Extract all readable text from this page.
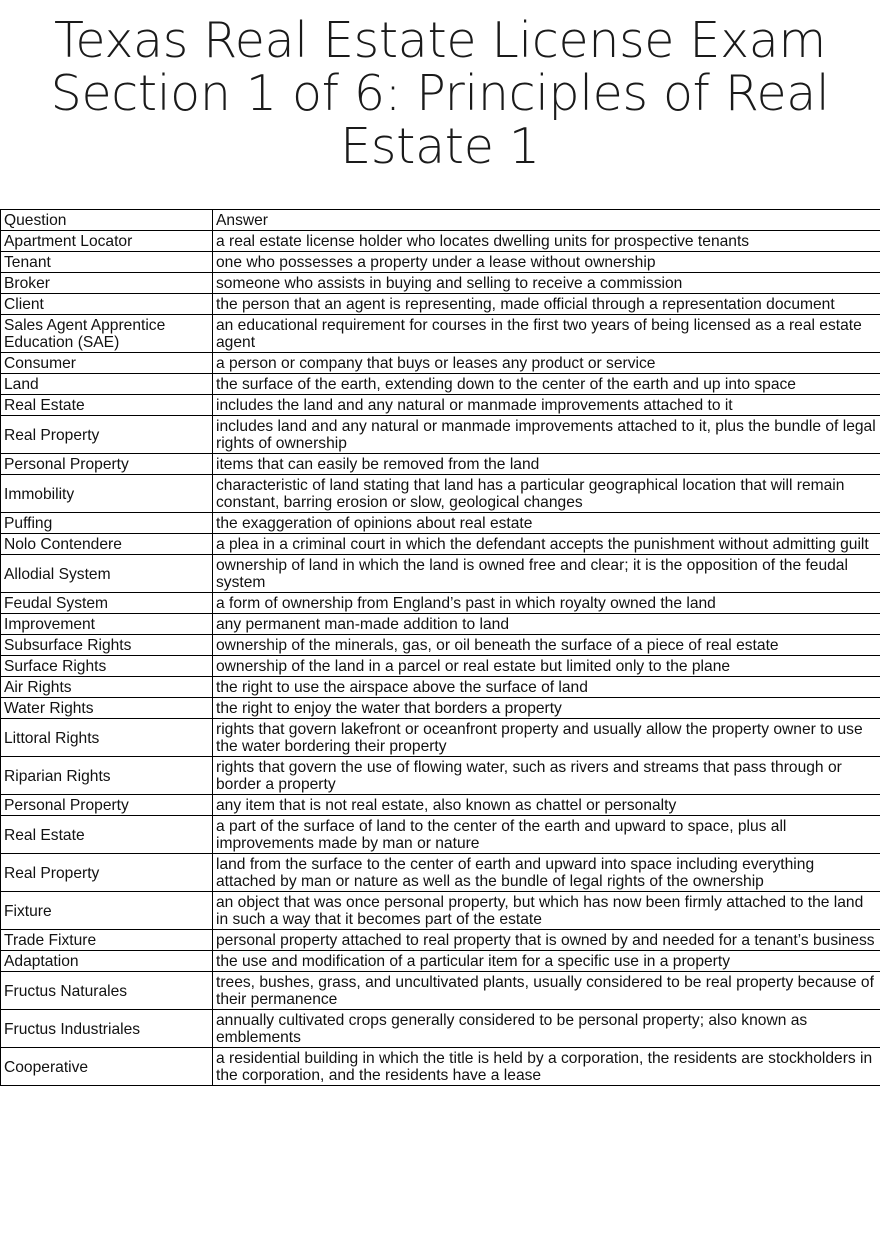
Texas Real Estate License Exam
Section 1 of 6: Principles of Real
Estate 1
Question	Answer
Apartment Locator	a real estate license holder who locates dwelling units for prospective tenants
Tenant	one who possesses a property under a lease without ownership
Broker	someone who assists in buying and selling to receive a commission
Client	the person that an agent is representing, made official through a representation document
Sales Agent Apprentice Education (SAE)	an educational requirement for courses in the first two years of being licensed as a real estate agent
Consumer	a person or company that buys or leases any product or service
Land	the surface of the earth, extending down to the center of the earth and up into space
Real Estate	includes the land and any natural or manmade improvements attached to it
Real Property	includes land and any natural or manmade improvements attached to it, plus the bundle of legal rights of ownership
Personal Property	items that can easily be removed from the land
Immobility	characteristic of land stating that land has a particular geographical location that will remain constant, barring erosion or slow, geological changes
Puffing	the exaggeration of opinions about real estate
Nolo Contendere	a plea in a criminal court in which the defendant accepts the punishment without admitting guilt
Allodial System	ownership of land in which the land is owned free and clear; it is the opposition of the feudal system
Feudal System	a form of ownership from England’s past in which royalty owned the land
Improvement	any permanent man-made addition to land
Subsurface Rights	ownership of the minerals, gas, or oil beneath the surface of a piece of real estate
Surface Rights	ownership of the land in a parcel or real estate but limited only to the plane
Air Rights	the right to use the airspace above the surface of land
Water Rights	the right to enjoy the water that borders a property
Littoral Rights	rights that govern lakefront or oceanfront property and usually allow the property owner to use the water bordering their property
Riparian Rights	rights that govern the use of flowing water, such as rivers and streams that pass through or border a property
Personal Property	any item that is not real estate, also known as chattel or personalty
Real Estate	a part of the surface of land to the center of the earth and upward to space, plus all improvements made by man or nature
Real Property	land from the surface to the center of earth and upward into space including everything attached by man or nature as well as the bundle of legal rights of the ownership
Fixture	an object that was once personal property, but which has now been firmly attached to the land in such a way that it becomes part of the estate
Trade Fixture	personal property attached to real property that is owned by and needed for a tenant’s business
Adaptation	the use and modification of a particular item for a specific use in a property
Fructus Naturales	trees, bushes, grass, and uncultivated plants, usually considered to be real property because of their permanence
Fructus Industriales	annually cultivated crops generally considered to be personal property; also known as emblements
Cooperative	a residential building in which the title is held by a corporation, the residents are stockholders in the corporation, and the residents have a lease
